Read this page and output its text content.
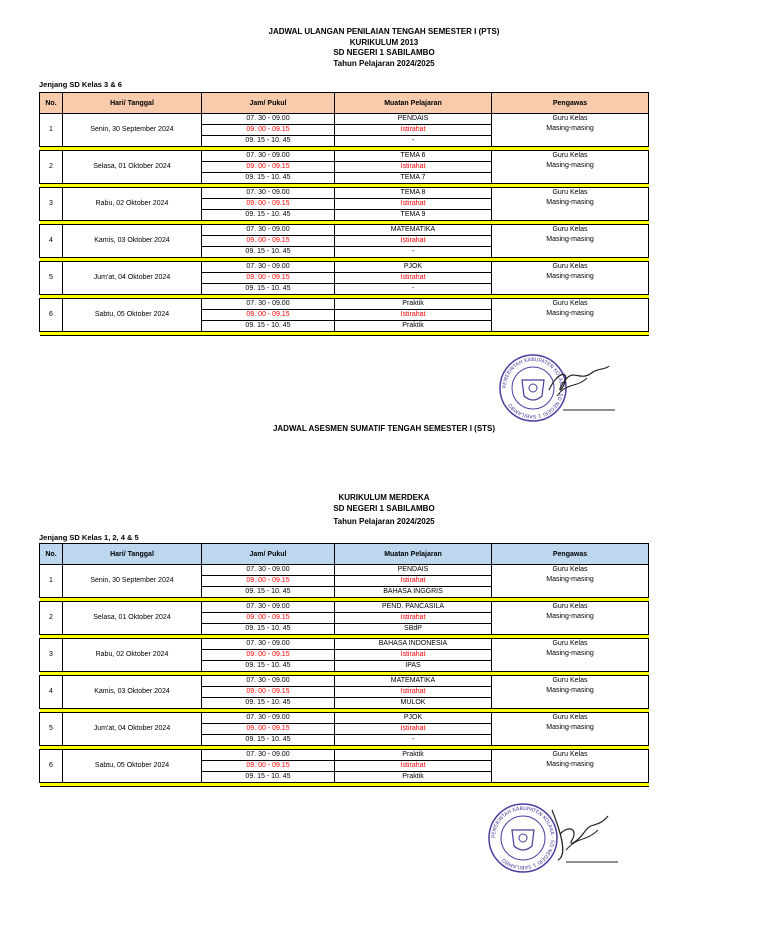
JADWAL ULANGAN PENILAIAN TENGAH SEMESTER I (PTS)
KURIKULUM 2013
SD NEGERI 1 SABILAMBO
Tahun Pelajaran 2024/2025
Jenjang SD Kelas 3 & 6
No.	Hari/ Tanggal	Jam/ Pukul	Muatan Pelajaran	Pengawas
1	Senin, 30 September 2024	07. 30 - 09.00	PENDAIS	Guru Kelas
Masing-masing

		09. 00 - 09.15	Istirahat	
		09. 15 - 10. 45	-	

2	Selasa, 01 Oktober 2024	07. 30 - 09.00	TEMA 6	Guru Kelas
Masing-masing

		09. 00 - 09.15	Istirahat	
		09. 15 - 10. 45	TEMA 7	

3	Rabu, 02 Oktober 2024	07. 30 - 09.00	TEMA 8	Guru Kelas
Masing-masing

		09. 00 - 09.15	Istirahat	
		09. 15 - 10. 45	TEMA 9	

4	Kamis, 03 Oktober 2024	07. 30 - 09.00	MATEMATIKA	Guru Kelas
Masing-masing

		09. 00 - 09.15	Istirahat	
		09. 15 - 10. 45	-	

5	Jum'at, 04 Oktober 2024	07. 30 - 09.00	PJOK	Guru Kelas
Masing-masing

		09. 00 - 09.15	Istirahat	
		09. 15 - 10. 45	-	

6	Sabtu, 05 Oktober 2024	07. 30 - 09.00	Praktik	Guru Kelas
Masing-masing

		09. 00 - 09.15	Istirahat	
		09. 15 - 10. 45	Praktik	

PEMERINTAH KABUPATEN KOLAKA · SD NEGERI 1 SABILAMBO ·
JADWAL ASESMEN SUMATIF TENGAH SEMESTER I (STS)
KURIKULUM MERDEKA
SD NEGERI 1 SABILAMBO
Tahun Pelajaran 2024/2025
Jenjang SD Kelas 1, 2, 4 & 5
No.	Hari/ Tanggal	Jam/ Pukul	Muatan Pelajaran	Pengawas
1	Senin, 30 September 2024	07. 30 - 09.00	PENDAIS	Guru Kelas
Masing-masing

		09. 00 - 09.15	Istirahat	
		09. 15 - 10. 45	BAHASA INGGRIS	

2	Selasa, 01 Oktober 2024	07. 30 - 09.00	PEND. PANCASILA	Guru Kelas
Masing-masing

		09. 00 - 09.15	Istirahat	
		09. 15 - 10. 45	SBdP	

3	Rabu, 02 Oktober 2024	07. 30 - 09.00	BAHASA INDONESIA	Guru Kelas
Masing-masing

		09. 00 - 09.15	Istirahat	
		09. 15 - 10. 45	IPAS	

4	Kamis, 03 Oktober 2024	07. 30 - 09.00	MATEMATIKA	Guru Kelas
Masing-masing

		09. 00 - 09.15	Istirahat	
		09. 15 - 10. 45	MULOK	

5	Jum'at, 04 Oktober 2024	07. 30 - 09.00	PJOK	Guru Kelas
Masing-masing

		09. 00 - 09.15	Istirahat	
		09. 15 - 10. 45	-	

6	Sabtu, 05 Oktober 2024	07. 30 - 09.00	Praktik	Guru Kelas
Masing-masing

		09. 00 - 09.15	Istirahat	
		09. 15 - 10. 45	Praktik	

PEMERINTAH KABUPATEN KOLAKA · SD NEGERI 1 SABILAMBO ·
